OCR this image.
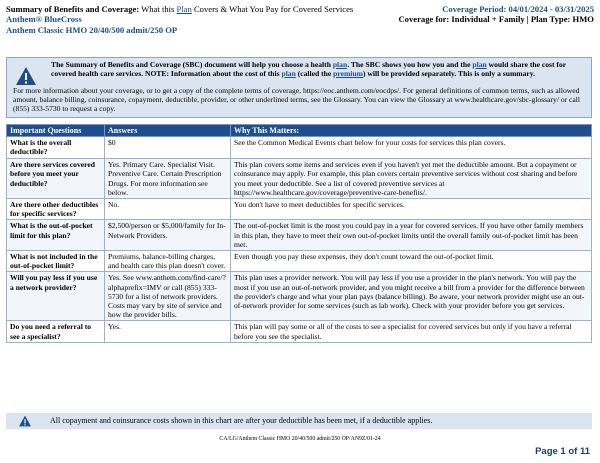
Summary of Benefits and Coverage: What this Plan Covers & What You Pay for Covered Services	Coverage Period: 04/01/2024 - 03/31/2025
Anthem® BlueCross	Coverage for: Individual + Family | Plan Type: HMO
Anthem Classic HMO 20/40/500 admit/250 OP
The Summary of Benefits and Coverage (SBC) document will help you choose a health plan. The SBC shows you how you and the plan would share the cost for covered health care services. NOTE: Information about the cost of this plan (called the premium) will be provided separately. This is only a summary.
For more information about your coverage, or to get a copy of the complete terms of coverage, https://eoc.anthem.com/eocdps/. For general definitions of common terms, such as allowed amount, balance billing, coinsurance, copayment, deductible, provider, or other underlined terms, see the Glossary. You can view the Glossary at www.healthcare.gov/sbc-glossary/ or call (855) 333-5730 to request a copy.
Important Questions	Answers	Why This Matters:
What is the overall deductible?	$0	See the Common Medical Events chart below for your costs for services this plan covers.
Are there services covered before you meet your deductible?	Yes. Primary Care. Specialist Visit. Preventive Care. Certain Prescription Drugs. For more information see below.	This plan covers some items and services even if you haven't yet met the deductible amount. But a copayment or coinsurance may apply. For example, this plan covers certain preventive services without cost sharing and before you meet your deductible. See a list of covered preventive services at https://www.healthcare.gov/coverage/preventive-care-benefits/.
Are there other deductibles for specific services?	No.	You don't have to meet deductibles for specific services.
What is the out-of-pocket limit for this plan?	$2,500/person or $5,000/family for In-Network Providers.	The out-of-pocket limit is the most you could pay in a year for covered services. If you have other family members in this plan, they have to meet their own out-of-pocket limits until the overall family out-of-pocket limit has been met.
What is not included in the out-of-pocket limit?	Premiums, balance-billing charges, and health care this plan doesn't cover.	Even though you pay these expenses, they don't count toward the out-of-pocket limit.
Will you pay less if you use a network provider?	Yes. See www.anthem.com/find-care/?alphaprefix=IMV or call (855) 333-5730 for a list of network providers. Costs may vary by site of service and how the provider bills.	This plan uses a provider network. You will pay less if you use a provider in the plan's network. You will pay the most if you use an out-of-network provider, and you might receive a bill from a provider for the difference between the provider's charge and what your plan pays (balance billing). Be aware, your network provider might use an out-of-network provider for some services (such as lab work). Check with your provider before you get services.
Do you need a referral to see a specialist?	Yes.	This plan will pay some or all of the costs to see a specialist for covered services but only if you have a referral before you see the specialist.
All copayment and coinsurance costs shown in this chart are after your deductible has been met, if a deductible applies.
CA/LG/Anthem Classic HMO 20/40/500 admit/250 OP/AN9Z/01-24
Page 1 of 11
